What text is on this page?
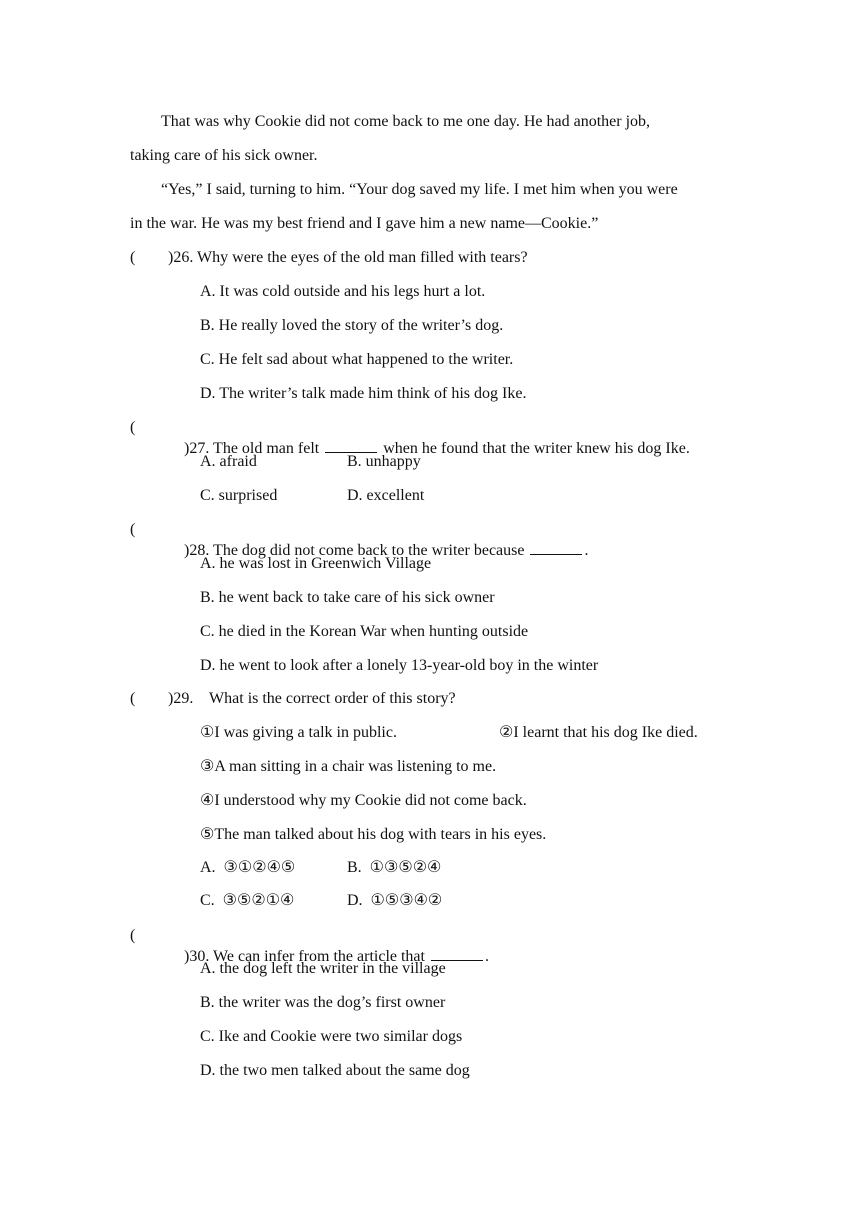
That was why Cookie did not come back to me one day. He had another job,
taking care of his sick owner.
“Yes,” I said, turning to him. “Your dog saved my life. I met him when you were
in the war. He was my best friend and I gave him a new name—Cookie.”
( )26. Why were the eyes of the old man filled with tears?
A. It was cold outside and his legs hurt a lot.
B. He really loved the story of the writer’s dog.
C. He felt sad about what happened to the writer.
D. The writer’s talk made him think of his dog Ike.
(

)27. The old man felt	when he found that the writer knew his dog Ike.

A. afraid	B. unhappy
C. surprised	D. excellent
(

)28. The dog did not come back to the writer because	.

A. he was lost in Greenwich Village
B. he went back to take care of his sick owner
C. he died in the Korean War when hunting outside
D. he went to look after a lonely 13-year-old boy in the winter
( )29.    What is the correct order of this story?
①I was giving a talk in public.	②I learnt that his dog Ike died.
③A man sitting in a chair was listening to me.
④I understood why my Cookie did not come back.
⑤The man talked about his dog with tears in his eyes.
A.  ③①②④⑤	B.  ①③⑤②④
C.  ③⑤②①④	D.  ①⑤③④②
(

)30. We can infer from the article that	.

A. the dog left the writer in the village
B. the writer was the dog’s first owner
C. Ike and Cookie were two similar dogs
D. the two men talked about the same dog
